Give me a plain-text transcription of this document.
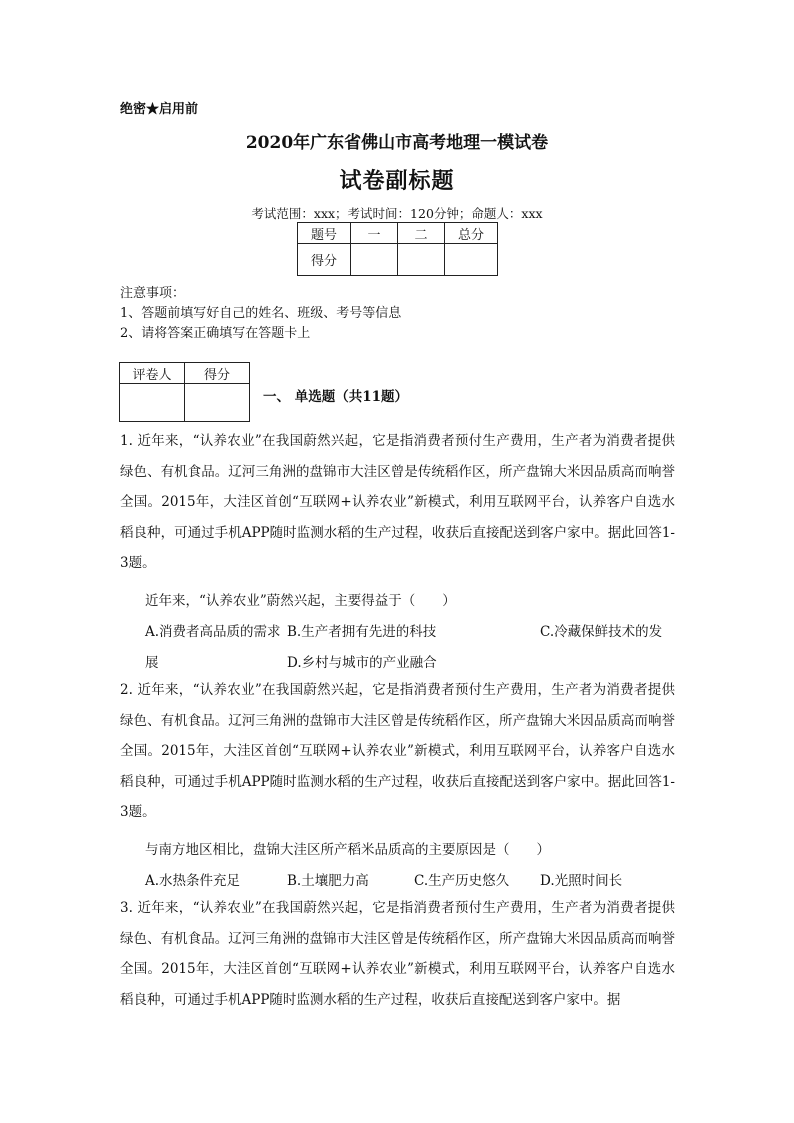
绝密★启用前
2020年广东省佛山市高考地理一模试卷
试卷副标题
考试范围：xxx；考试时间：120分钟；命题人：xxx
题号	一	二	总分
得分			
注意事项：
1、答题前填写好自己的姓名、班级、考号等信息
2、请将答案正确填写在答题卡上
评卷人	得分

一、 单选题（共11题）
1. 近年来，“认养农业”在我国蔚然兴起，它是指消费者预付生产费用，生产者为消费者提供绿色、有机食品。辽河三角洲的盘锦市大洼区曾是传统稻作区，所产盘锦大米因品质高而响誉全国。2015年，大洼区首创“互联网+认养农业”新模式，利用互联网平台，认养客户自选水稻良种，可通过手机APP随时监测水稻的生产过程，收获后直接配送到客户家中。据此回答1-3题。
近年来，“认养农业”蔚然兴起，主要得益于（　　）
A.消费者高品质的需求 B.生产者拥有先进的科技	C.冷藏保鲜技术的发
展	D.乡村与城市的产业融合
2. 近年来，“认养农业”在我国蔚然兴起，它是指消费者预付生产费用，生产者为消费者提供绿色、有机食品。辽河三角洲的盘锦市大洼区曾是传统稻作区，所产盘锦大米因品质高而响誉全国。2015年，大洼区首创“互联网+认养农业”新模式，利用互联网平台，认养客户自选水稻良种，可通过手机APP随时监测水稻的生产过程，收获后直接配送到客户家中。据此回答1-3题。
与南方地区相比，盘锦大洼区所产稻米品质高的主要原因是（　　）
A.水热条件充足	B.土壤肥力高	C.生产历史悠久 D.光照时间长
3. 近年来，“认养农业”在我国蔚然兴起，它是指消费者预付生产费用，生产者为消费者提供绿色、有机食品。辽河三角洲的盘锦市大洼区曾是传统稻作区，所产盘锦大米因品质高而响誉全国。2015年，大洼区首创“互联网+认养农业”新模式，利用互联网平台，认养客户自选水稻良种，可通过手机APP随时监测水稻的生产过程，收获后直接配送到客户家中。据
